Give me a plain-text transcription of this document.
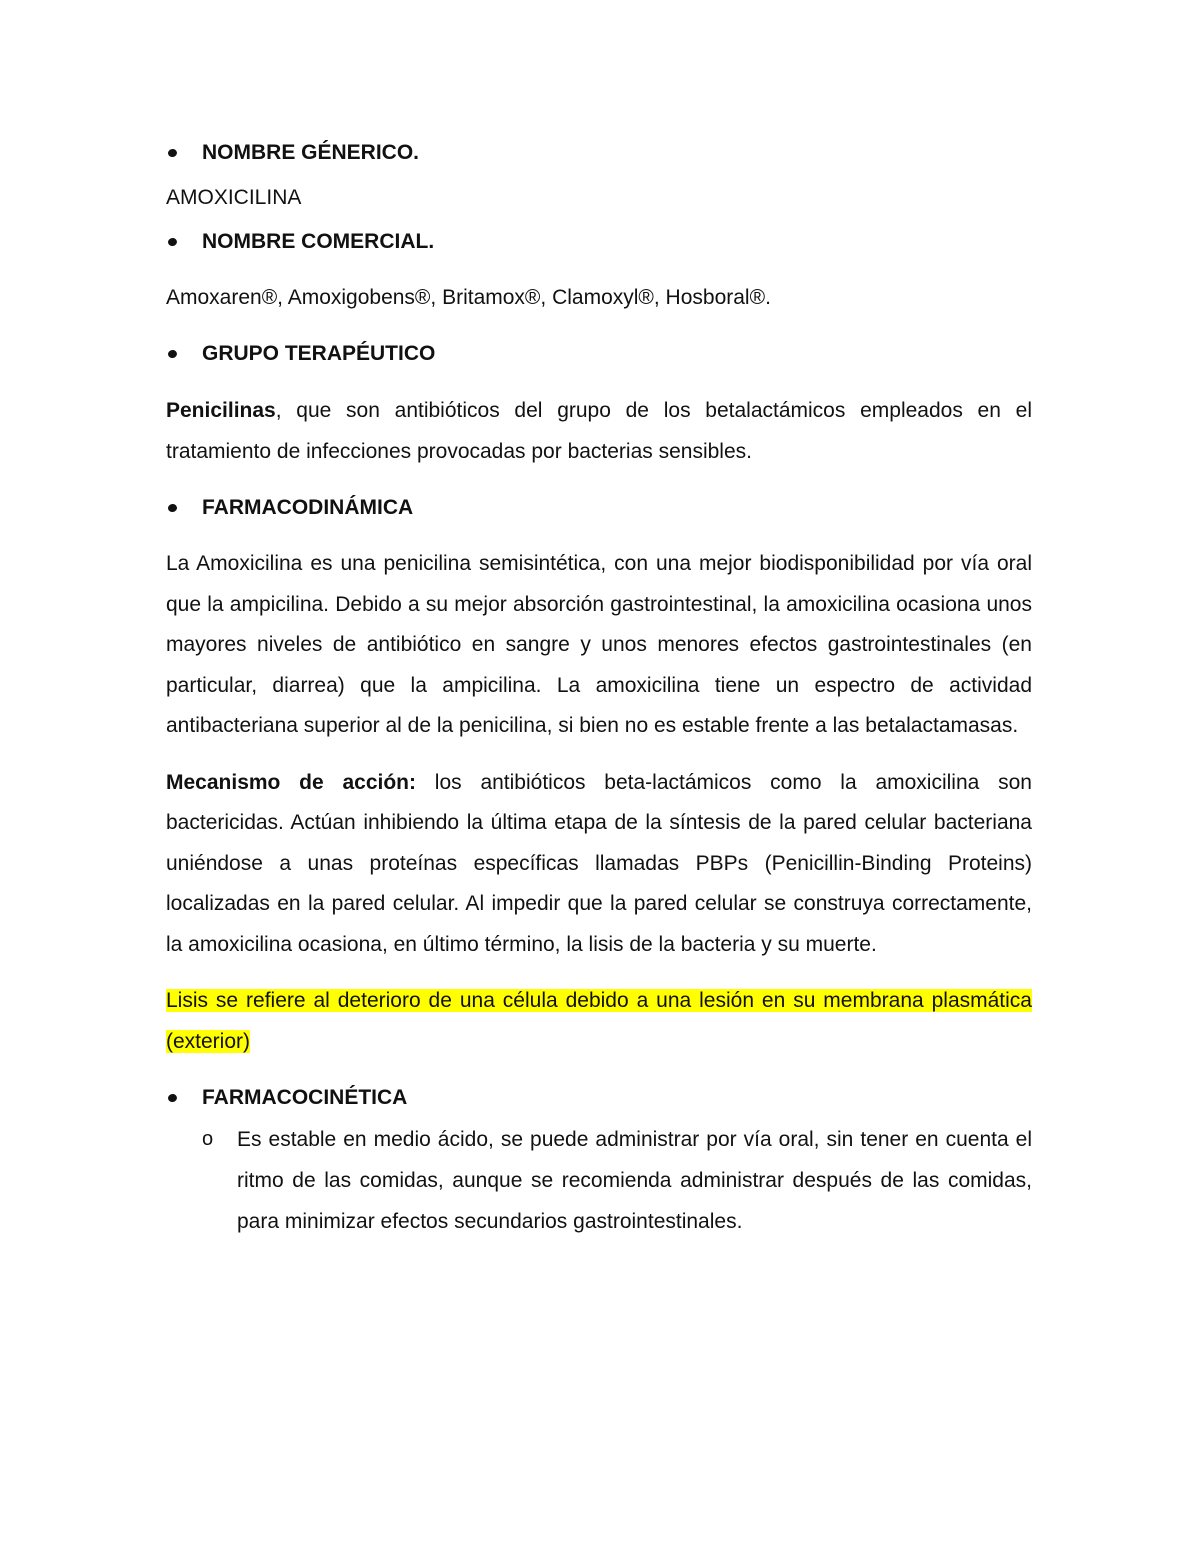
NOMBRE GÉNERICO.
AMOXICILINA
NOMBRE COMERCIAL.
Amoxaren®, Amoxigobens®, Britamox®, Clamoxyl®, Hosboral®.
GRUPO TERAPÉUTICO
Penicilinas, que son antibióticos del grupo de los betalactámicos empleados en el tratamiento de infecciones provocadas por bacterias sensibles.
FARMACODINÁMICA
La Amoxicilina es una penicilina semisintética, con una mejor biodisponibilidad por vía oral que la ampicilina. Debido a su mejor absorción gastrointestinal, la amoxicilina ocasiona unos mayores niveles de antibiótico en sangre y unos menores efectos gastrointestinales (en particular, diarrea) que la ampicilina. La amoxicilina tiene un espectro de actividad antibacteriana superior al de la penicilina, si bien no es estable frente a las betalactamasas.
Mecanismo de acción: los antibióticos beta-lactámicos como la amoxicilina son bactericidas. Actúan inhibiendo la última etapa de la síntesis de la pared celular bacteriana uniéndose a unas proteínas específicas llamadas PBPs (Penicillin-Binding Proteins) localizadas en la pared celular. Al impedir que la pared celular se construya correctamente, la amoxicilina ocasiona, en último término, la lisis de la bacteria y su muerte.
Lisis se refiere al deterioro de una célula debido a una lesión en su membrana plasmática (exterior)
FARMACOCINÉTICA
o Es estable en medio ácido, se puede administrar por vía oral, sin tener en cuenta el ritmo de las comidas, aunque se recomienda administrar después de las comidas, para minimizar efectos secundarios gastrointestinales.
